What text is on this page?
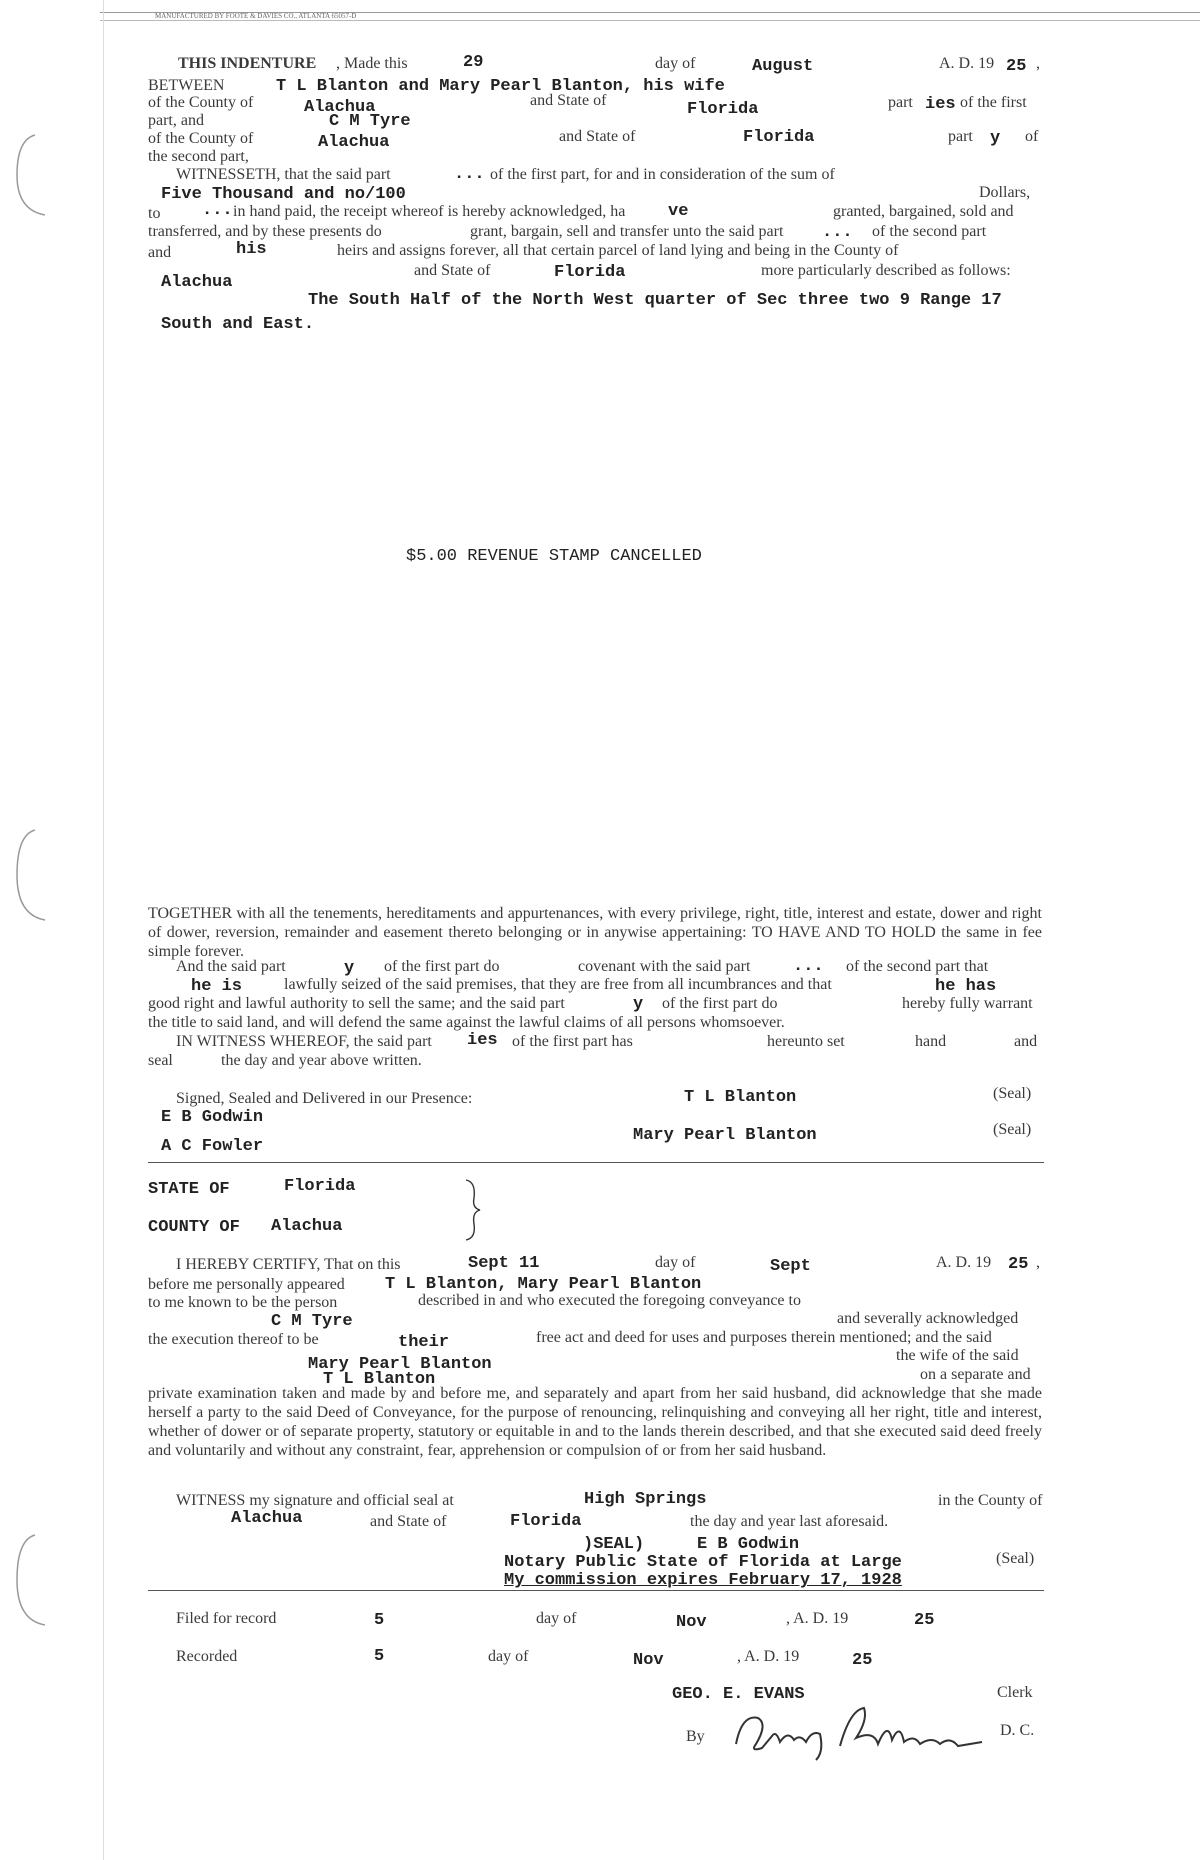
MANUFACTURED BY FOOTE & DAVIES CO., ATLANTA 65057-D
THIS INDENTURE , Made this	29	day of	August	A. D. 19 25 ,
BETWEEN	T L Blanton and Mary Pearl Blanton, his wife
of the County of	Alachua	and State of	Florida	part ies of the first
part, and	C M Tyre
of the County of	Alachua	and State of	Florida	part y of
the second part,
WITNESSETH, that the said part	... of the first part, for and in consideration of the sum of
Five Thousand and no/100	Dollars,
to ... in hand paid, the receipt whereof is hereby acknowledged, ha	ve	granted, bargained, sold and
transferred, and by these presents do	grant, bargain, sell and transfer unto the said part ... of the second part
and	his	heirs and assigns forever, all that certain parcel of land lying and being in the County of
Alachua
and State of	Florida	more particularly described as follows:
The South Half of the North West quarter of Sec three two 9 Range 17
South and East.
$5.00 REVENUE STAMP CANCELLED
TOGETHER with all the tenements, hereditaments and appurtenances, with every privilege, right, title, interest and estate, dower and right of dower, reversion, remainder and easement thereto belonging or in anywise appertaining: TO HAVE AND TO HOLD the same in fee simple forever.
And the said part	y of the first part do	covenant with the said part	... of the second part that
he is	lawfully seized of the said premises, that they are free from all incumbrances and that	he has
good right and lawful authority to sell the same; and the said part	y of the first part do	hereby fully warrant
the title to said land, and will defend the same against the lawful claims of all persons whomsoever.
IN WITNESS WHEREOF, the said part ies of the first part has	hereunto set	hand	and
seal	the day and year above written.
Signed, Sealed and Delivered in our Presence:	T L Blanton	(Seal)
E B Godwin
Mary Pearl Blanton	(Seal)
A C Fowler
STATE OF	Florida
COUNTY OF Alachua
I HEREBY CERTIFY, That on this	Sept 11	day of	Sept	A. D. 19 25 ,
before me personally appeared T L Blanton, Mary Pearl Blanton
to me known to be the person	described in and who executed the foregoing conveyance to
C M Tyre	and severally acknowledged
the execution thereof to be	their	free act and deed for uses and purposes therein mentioned; and the said
Mary Pearl Blanton	the wife of the said
T L Blanton	on a separate and
private examination taken and made by and before me, and separately and apart from her said husband, did acknowledge that she made herself a party to the said Deed of Conveyance, for the purpose of renouncing, relinquishing and conveying all her right, title and interest, whether of dower or of separate property, statutory or equitable in and to the lands therein described, and that she executed said deed freely and voluntarily and without any constraint, fear, apprehension or compulsion of or from her said husband.
WITNESS my signature and official seal at	High Springs	in the County of
Alachua	and State of	Florida	the day and year last aforesaid.
)SEAL)	E B Godwin
Notary Public State of Florida at Large	(Seal)
My commission expires February 17, 1928
Filed for record	5	day of	Nov	, A. D. 19	25
Recorded	5	day of	Nov	, A. D. 19	25
GEO. E. EVANS	Clerk
By	D. C.
